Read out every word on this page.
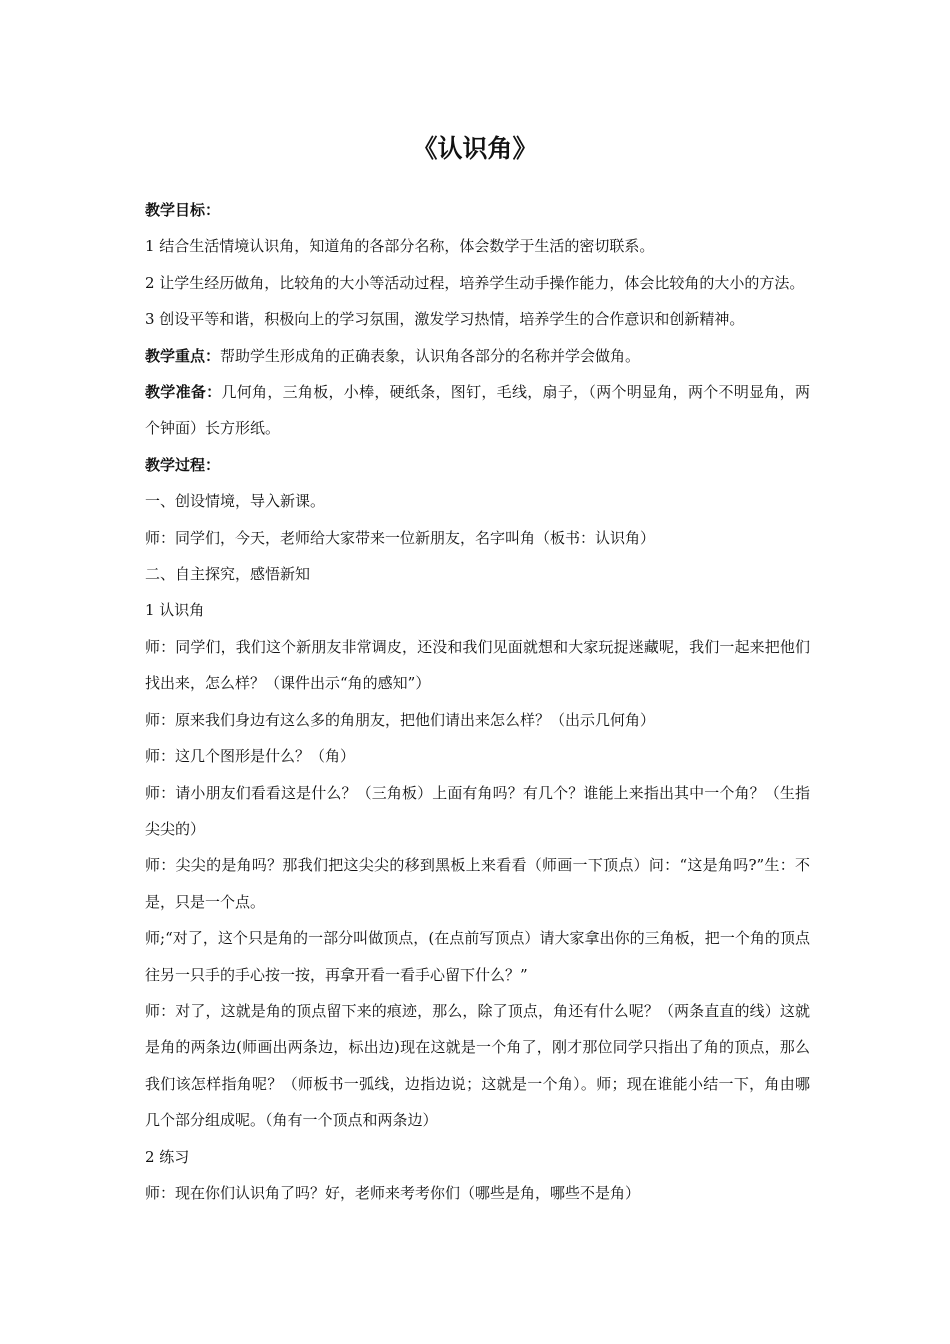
《认识角》

教学目标：

1 结合生活情境认识角，知道角的各部分名称，体会数学于生活的密切联系。

2 让学生经历做角，比较角的大小等活动过程，培养学生动手操作能力，体会比较角的大小的方法。

3 创设平等和谐，积极向上的学习氛围，激发学习热情，培养学生的合作意识和创新精神。

教学重点：帮助学生形成角的正确表象，认识角各部分的名称并学会做角。

教学准备：几何角，三角板，小棒，硬纸条，图钉，毛线，扇子，（两个明显角，两个不明显角，两个钟面）长方形纸。

教学过程：

一、创设情境，导入新课。

师：同学们，今天，老师给大家带来一位新朋友，名字叫角（板书：认识角）

二、自主探究，感悟新知

1 认识角

师：同学们，我们这个新朋友非常调皮，还没和我们见面就想和大家玩捉迷藏呢，我们一起来把他们找出来，怎么样？（课件出示“角的感知”）

师：原来我们身边有这么多的角朋友，把他们请出来怎么样？（出示几何角）

师：这几个图形是什么？（角）

师：请小朋友们看看这是什么？（三角板）上面有角吗？有几个？谁能上来指出其中一个角？（生指尖尖的）

师：尖尖的是角吗？那我们把这尖尖的移到黑板上来看看（师画一下顶点）问：“这是角吗?”生：不是，只是一个点。

师;“对了，这个只是角的一部分叫做顶点，(在点前写顶点）请大家拿出你的三角板，把一个角的顶点往另一只手的手心按一按，再拿开看一看手心留下什么？”

师：对了，这就是角的顶点留下来的痕迹，那么，除了顶点，角还有什么呢？（两条直直的线）这就是角的两条边(师画出两条边，标出边)现在这就是一个角了，刚才那位同学只指出了角的顶点，那么我们该怎样指角呢？（师板书一弧线，边指边说；这就是一个角）。师；现在谁能小结一下，角由哪几个部分组成呢。（角有一个顶点和两条边）

2 练习

师：现在你们认识角了吗？好，老师来考考你们（哪些是角，哪些不是角）
